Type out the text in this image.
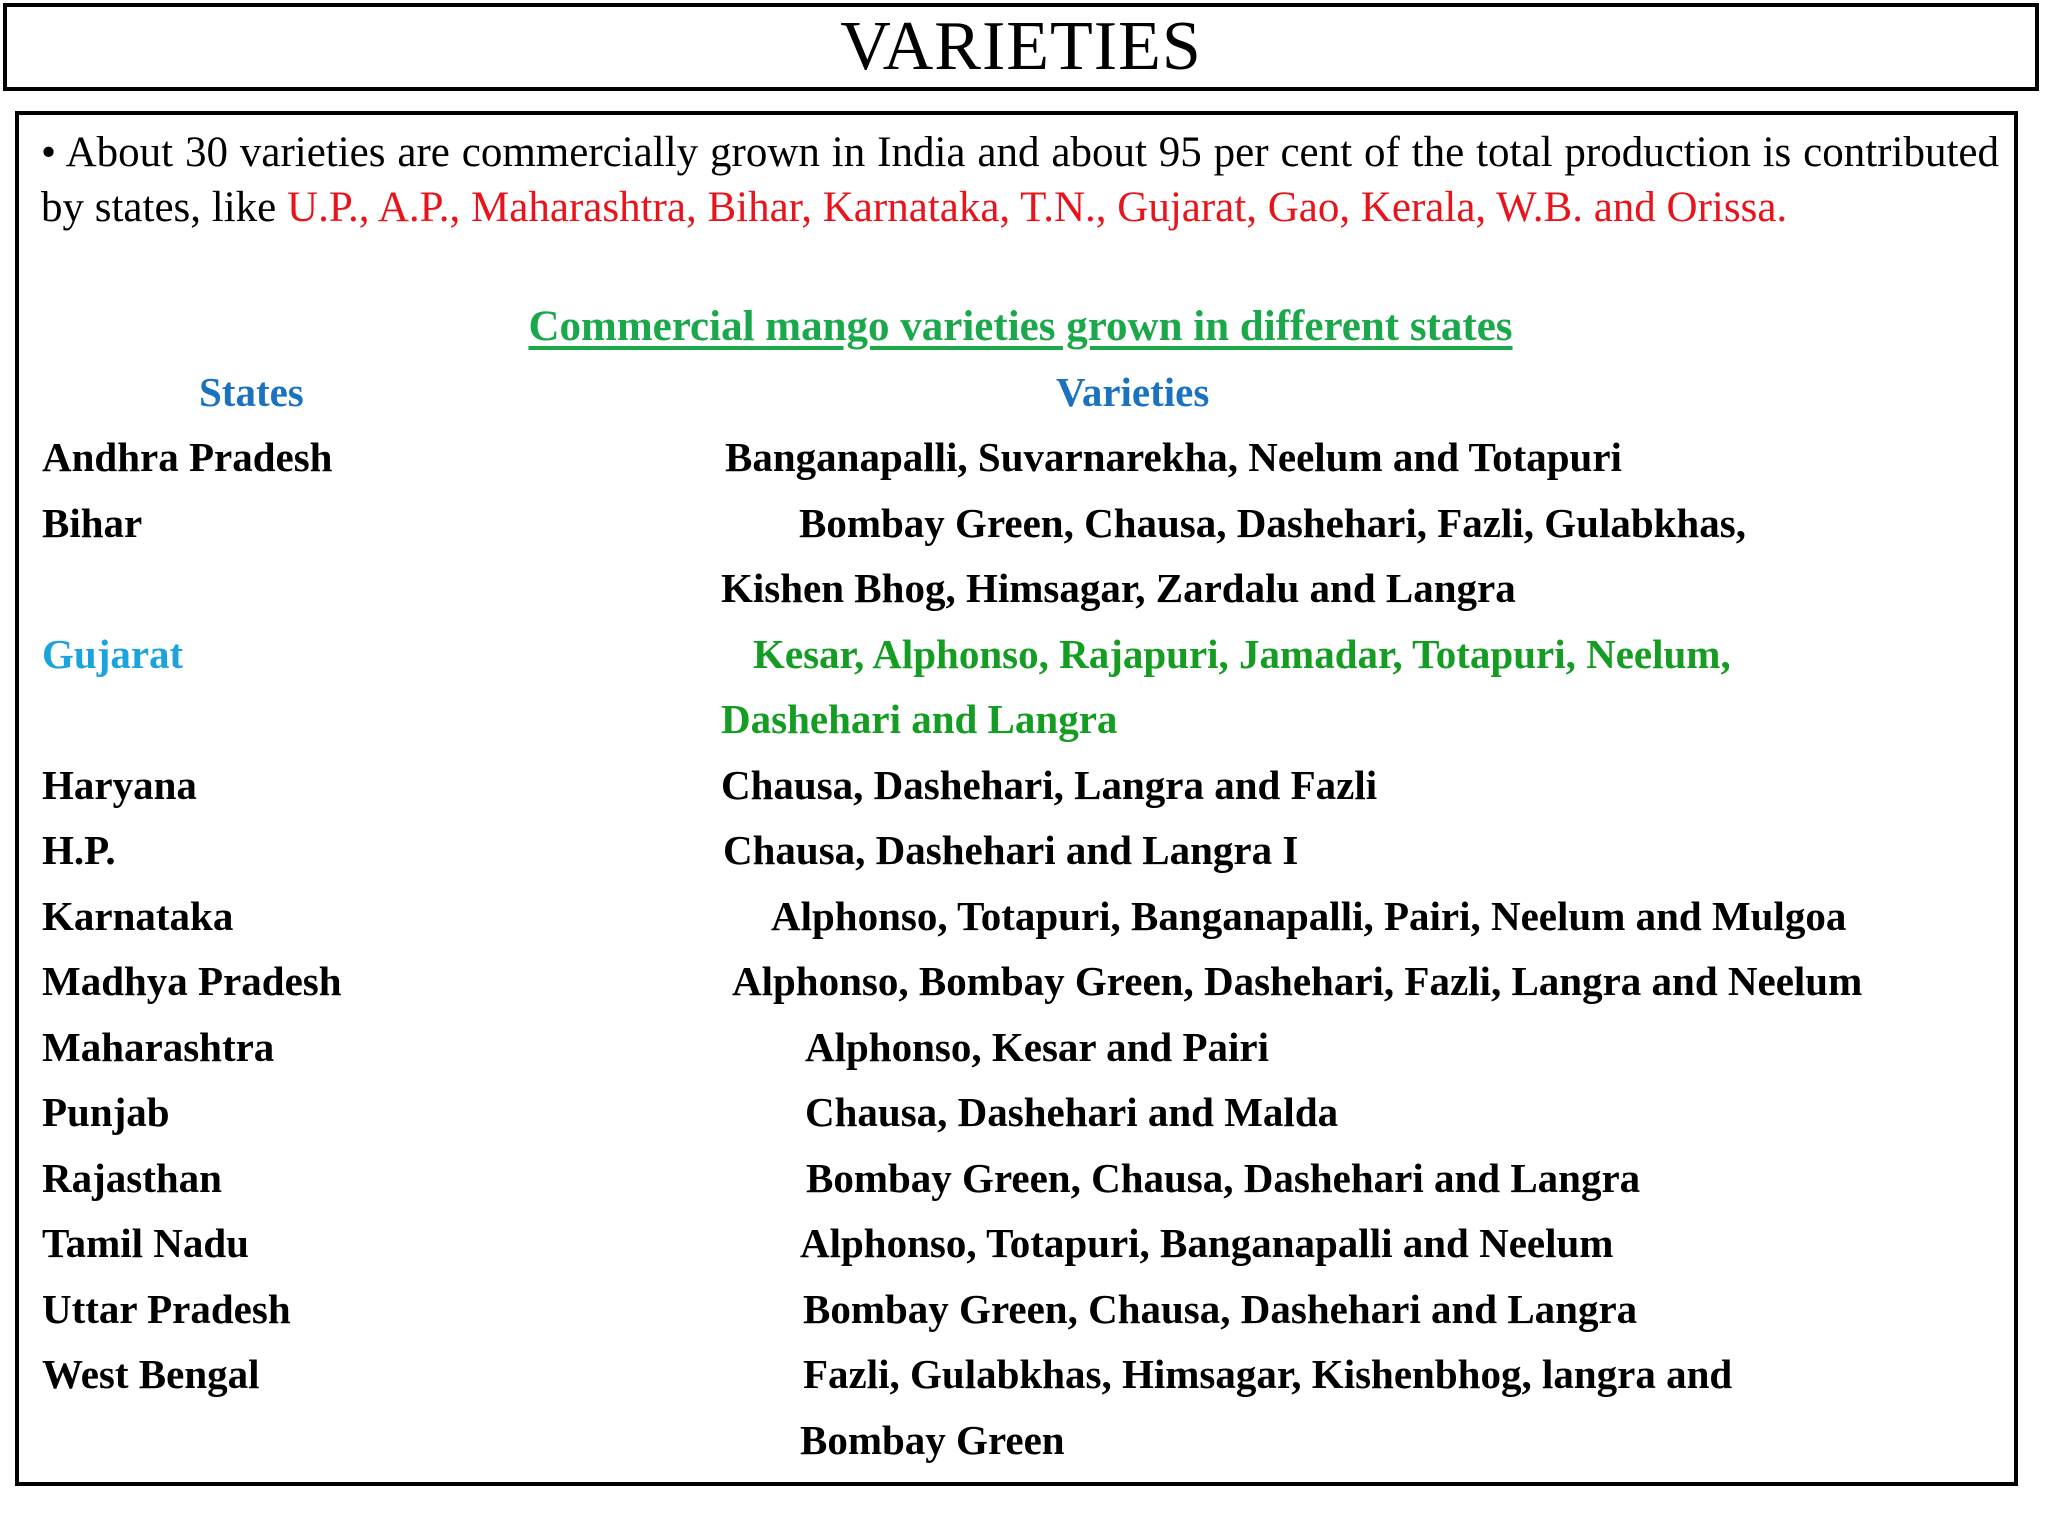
VARIETIES
• About 30 varieties are commercially grown in India and about 95 per cent of the total production is contributed by states, like U.P., A.P., Maharashtra, Bihar, Karnataka, T.N., Gujarat, Gao, Kerala, W.B. and Orissa.
Commercial mango varieties grown in different states
States	Varieties
Andhra Pradesh	Banganapalli, Suvarnarekha, Neelum and Totapuri
Bihar	Bombay Green, Chausa, Dashehari, Fazli, Gulabkhas,
Kishen Bhog, Himsagar, Zardalu and Langra
Gujarat	Kesar, Alphonso, Rajapuri, Jamadar, Totapuri, Neelum,
Dashehari and Langra
Haryana	Chausa, Dashehari, Langra and Fazli
H.P.	Chausa, Dashehari and Langra I
Karnataka	Alphonso, Totapuri, Banganapalli, Pairi, Neelum and Mulgoa
Madhya Pradesh	Alphonso, Bombay Green, Dashehari, Fazli, Langra and Neelum
Maharashtra	Alphonso, Kesar and Pairi
Punjab	Chausa, Dashehari and Malda
Rajasthan	Bombay Green, Chausa, Dashehari and Langra
Tamil Nadu	Alphonso, Totapuri, Banganapalli and Neelum
Uttar Pradesh	Bombay Green, Chausa, Dashehari and Langra
West Bengal	Fazli, Gulabkhas, Himsagar, Kishenbhog, langra and
Bombay Green
